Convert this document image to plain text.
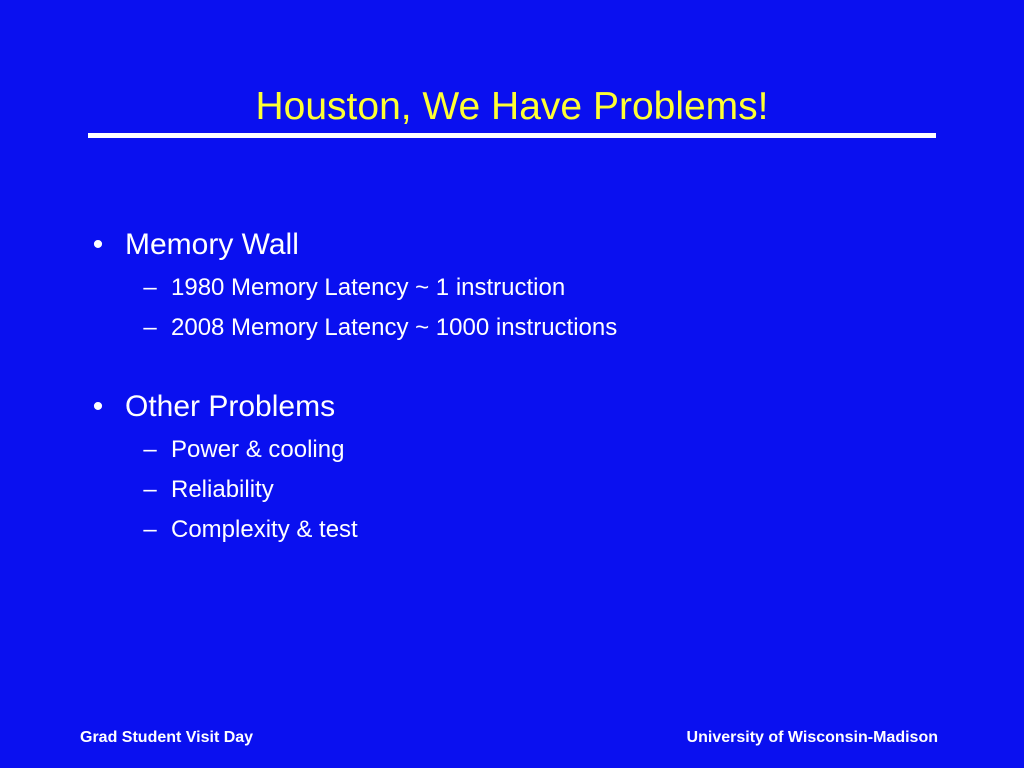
Houston, We Have Problems!
• Memory Wall
– 1980 Memory Latency ~ 1 instruction
– 2008 Memory Latency ~ 1000 instructions
• Other Problems
– Power & cooling
– Reliability
– Complexity & test
Grad Student Visit Day	University of Wisconsin-Madison
